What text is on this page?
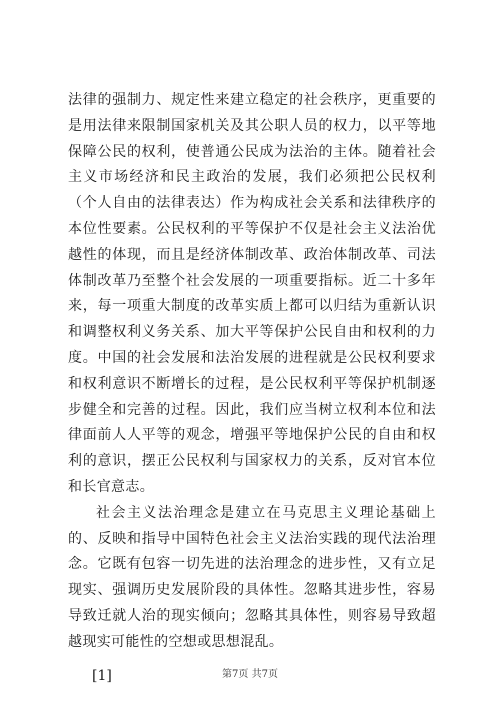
法律的强制力、规定性来建立稳定的社会秩序，更重要的是用法律来限制国家机关及其公职人员的权力，以平等地保障公民的权利，使普通公民成为法治的主体。随着社会主义市场经济和民主政治的发展，我们必须把公民权利（个人自由的法律表达）作为构成社会关系和法律秩序的本位性要素。公民权利的平等保护不仅是社会主义法治优越性的体现，而且是经济体制改革、政治体制改革、司法体制改革乃至整个社会发展的一项重要指标。近二十多年来，每一项重大制度的改革实质上都可以归结为重新认识和调整权利义务关系、加大平等保护公民自由和权利的力度。中国的社会发展和法治发展的进程就是公民权利要求和权利意识不断增长的过程，是公民权利平等保护机制逐步健全和完善的过程。因此，我们应当树立权利本位和法律面前人人平等的观念，增强平等地保护公民的自由和权利的意识，摆正公民权利与国家权力的关系，反对官本位和长官意志。

社会主义法治理念是建立在马克思主义理论基础上的、反映和指导中国特色社会主义法治实践的现代法治理念。它既有包容一切先进的法治理念的进步性，又有立足现实、强调历史发展阶段的具体性。忽略其进步性，容易导致迁就人治的现实倾向；忽略其具体性，则容易导致超越现实可能性的空想或思想混乱。

[1]	第7页 共7页
